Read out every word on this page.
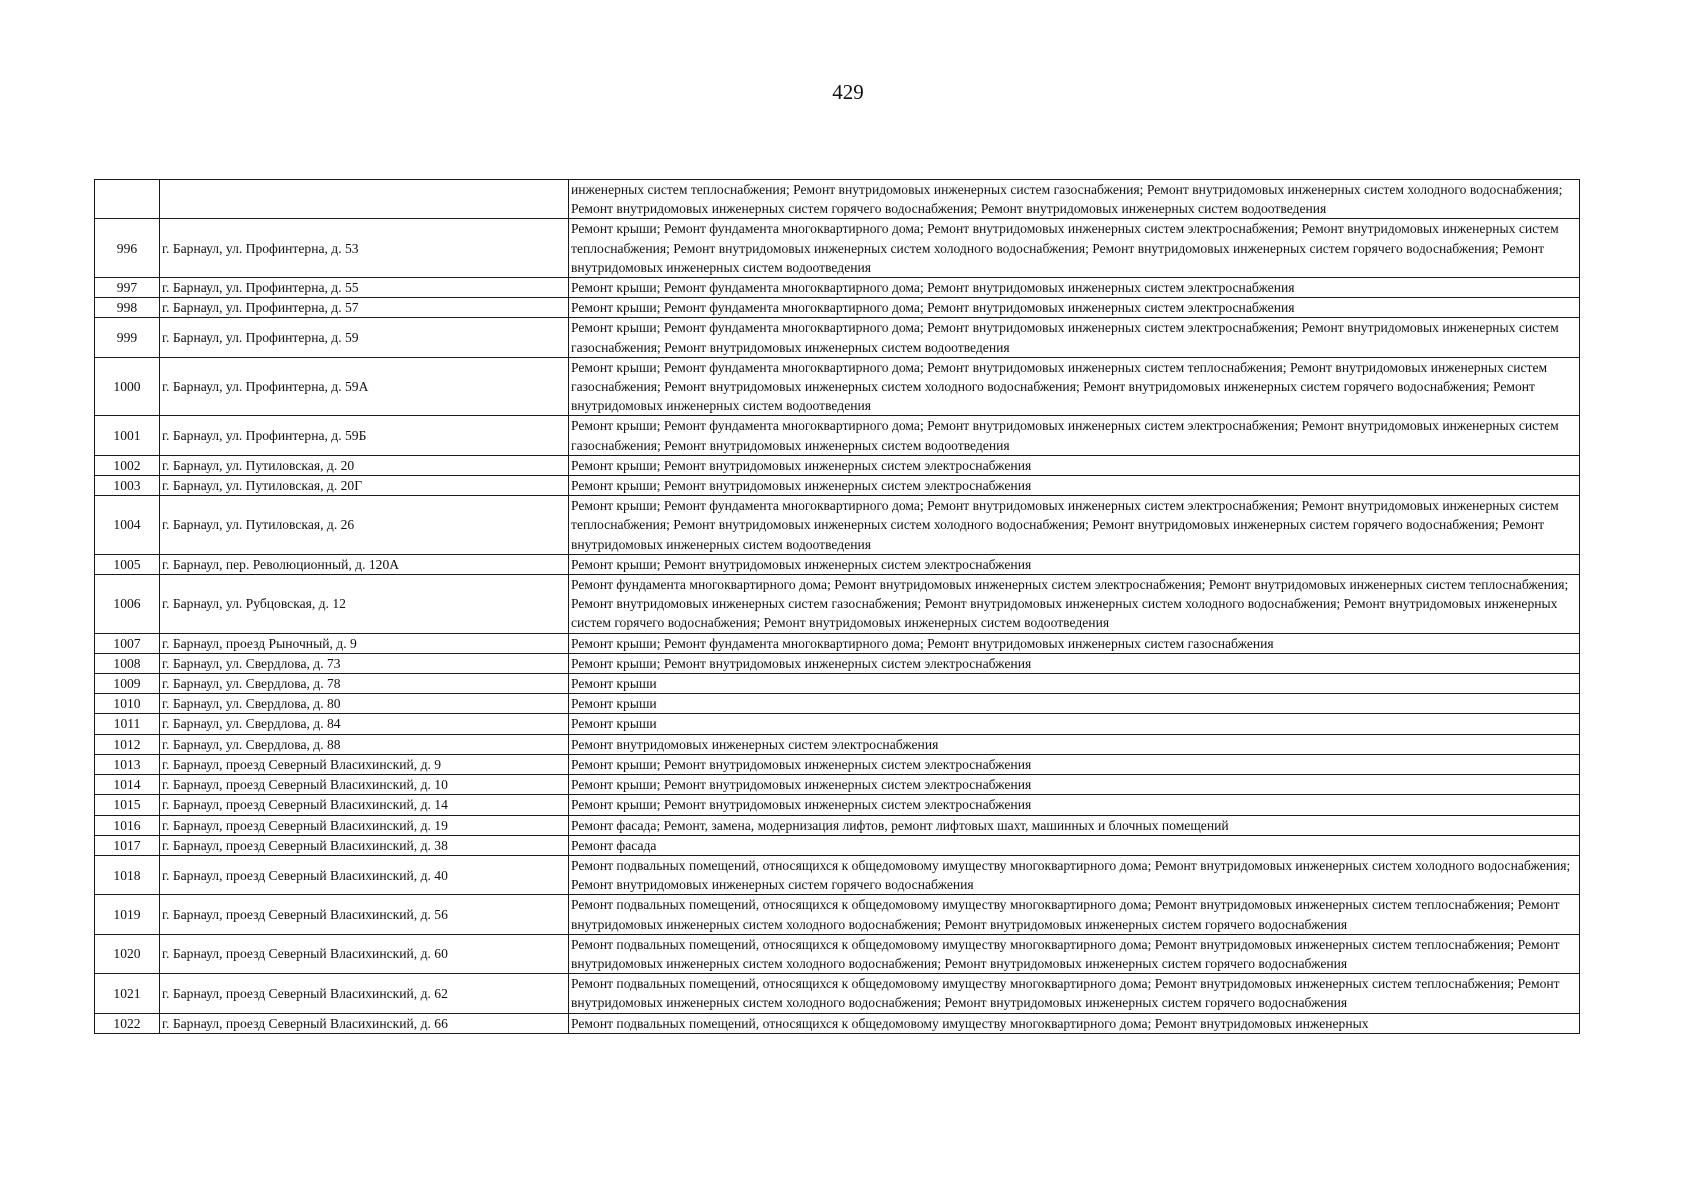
429
		инженерных систем теплоснабжения; Ремонт внутридомовых инженерных систем газоснабжения; Ремонт внутридомовых инженерных систем холодного водоснабжения; Ремонт внутридомовых инженерных систем горячего водоснабжения; Ремонт внутридомовых инженерных систем водоотведения
996	г. Барнаул, ул. Профинтерна, д. 53	Ремонт крыши; Ремонт фундамента многоквартирного дома; Ремонт внутридомовых инженерных систем электроснабжения; Ремонт внутридомовых инженерных систем теплоснабжения; Ремонт внутридомовых инженерных систем холодного водоснабжения; Ремонт внутридомовых инженерных систем горячего водоснабжения; Ремонт внутридомовых инженерных систем водоотведения
997	г. Барнаул, ул. Профинтерна, д. 55	Ремонт крыши; Ремонт фундамента многоквартирного дома; Ремонт внутридомовых инженерных систем электроснабжения
998	г. Барнаул, ул. Профинтерна, д. 57	Ремонт крыши; Ремонт фундамента многоквартирного дома; Ремонт внутридомовых инженерных систем электроснабжения
999	г. Барнаул, ул. Профинтерна, д. 59	Ремонт крыши; Ремонт фундамента многоквартирного дома; Ремонт внутридомовых инженерных систем электроснабжения; Ремонт внутридомовых инженерных систем газоснабжения; Ремонт внутридомовых инженерных систем водоотведения
1000	г. Барнаул, ул. Профинтерна, д. 59А	Ремонт крыши; Ремонт фундамента многоквартирного дома; Ремонт внутридомовых инженерных систем теплоснабжения; Ремонт внутридомовых инженерных систем газоснабжения; Ремонт внутридомовых инженерных систем холодного водоснабжения; Ремонт внутридомовых инженерных систем горячего водоснабжения; Ремонт внутридомовых инженерных систем водоотведения
1001	г. Барнаул, ул. Профинтерна, д. 59Б	Ремонт крыши; Ремонт фундамента многоквартирного дома; Ремонт внутридомовых инженерных систем электроснабжения; Ремонт внутридомовых инженерных систем газоснабжения; Ремонт внутридомовых инженерных систем водоотведения
1002	г. Барнаул, ул. Путиловская, д. 20	Ремонт крыши; Ремонт внутридомовых инженерных систем электроснабжения
1003	г. Барнаул, ул. Путиловская, д. 20Г	Ремонт крыши; Ремонт внутридомовых инженерных систем электроснабжения
1004	г. Барнаул, ул. Путиловская, д. 26	Ремонт крыши; Ремонт фундамента многоквартирного дома; Ремонт внутридомовых инженерных систем электроснабжения; Ремонт внутридомовых инженерных систем теплоснабжения; Ремонт внутридомовых инженерных систем холодного водоснабжения; Ремонт внутридомовых инженерных систем горячего водоснабжения; Ремонт внутридомовых инженерных систем водоотведения
1005	г. Барнаул, пер. Революционный, д. 120А	Ремонт крыши; Ремонт внутридомовых инженерных систем электроснабжения
1006	г. Барнаул, ул. Рубцовская, д. 12	Ремонт фундамента многоквартирного дома; Ремонт внутридомовых инженерных систем электроснабжения; Ремонт внутридомовых инженерных систем теплоснабжения; Ремонт внутридомовых инженерных систем газоснабжения; Ремонт внутридомовых инженерных систем холодного водоснабжения; Ремонт внутридомовых инженерных систем горячего водоснабжения; Ремонт внутридомовых инженерных систем водоотведения
1007	г. Барнаул, проезд Рыночный, д. 9	Ремонт крыши; Ремонт фундамента многоквартирного дома; Ремонт внутридомовых инженерных систем газоснабжения
1008	г. Барнаул, ул. Свердлова, д. 73	Ремонт крыши; Ремонт внутридомовых инженерных систем электроснабжения
1009	г. Барнаул, ул. Свердлова, д. 78	Ремонт крыши
1010	г. Барнаул, ул. Свердлова, д. 80	Ремонт крыши
1011	г. Барнаул, ул. Свердлова, д. 84	Ремонт крыши
1012	г. Барнаул, ул. Свердлова, д. 88	Ремонт внутридомовых инженерных систем электроснабжения
1013	г. Барнаул, проезд Северный Власихинский, д. 9	Ремонт крыши; Ремонт внутридомовых инженерных систем электроснабжения
1014	г. Барнаул, проезд Северный Власихинский, д. 10	Ремонт крыши; Ремонт внутридомовых инженерных систем электроснабжения
1015	г. Барнаул, проезд Северный Власихинский, д. 14	Ремонт крыши; Ремонт внутридомовых инженерных систем электроснабжения
1016	г. Барнаул, проезд Северный Власихинский, д. 19	Ремонт фасада; Ремонт, замена, модернизация лифтов, ремонт лифтовых шахт, машинных и блочных помещений
1017	г. Барнаул, проезд Северный Власихинский, д. 38	Ремонт фасада
1018	г. Барнаул, проезд Северный Власихинский, д. 40	Ремонт подвальных помещений, относящихся к общедомовому имуществу многоквартирного дома; Ремонт внутридомовых инженерных систем холодного водоснабжения; Ремонт внутридомовых инженерных систем горячего водоснабжения
1019	г. Барнаул, проезд Северный Власихинский, д. 56	Ремонт подвальных помещений, относящихся к общедомовому имуществу многоквартирного дома; Ремонт внутридомовых инженерных систем теплоснабжения; Ремонт внутридомовых инженерных систем холодного водоснабжения; Ремонт внутридомовых инженерных систем горячего водоснабжения
1020	г. Барнаул, проезд Северный Власихинский, д. 60	Ремонт подвальных помещений, относящихся к общедомовому имуществу многоквартирного дома; Ремонт внутридомовых инженерных систем теплоснабжения; Ремонт внутридомовых инженерных систем холодного водоснабжения; Ремонт внутридомовых инженерных систем горячего водоснабжения
1021	г. Барнаул, проезд Северный Власихинский, д. 62	Ремонт подвальных помещений, относящихся к общедомовому имуществу многоквартирного дома; Ремонт внутридомовых инженерных систем теплоснабжения; Ремонт внутридомовых инженерных систем холодного водоснабжения; Ремонт внутридомовых инженерных систем горячего водоснабжения
1022	г. Барнаул, проезд Северный Власихинский, д. 66	Ремонт подвальных помещений, относящихся к общедомовому имуществу многоквартирного дома; Ремонт внутридомовых инженерных
